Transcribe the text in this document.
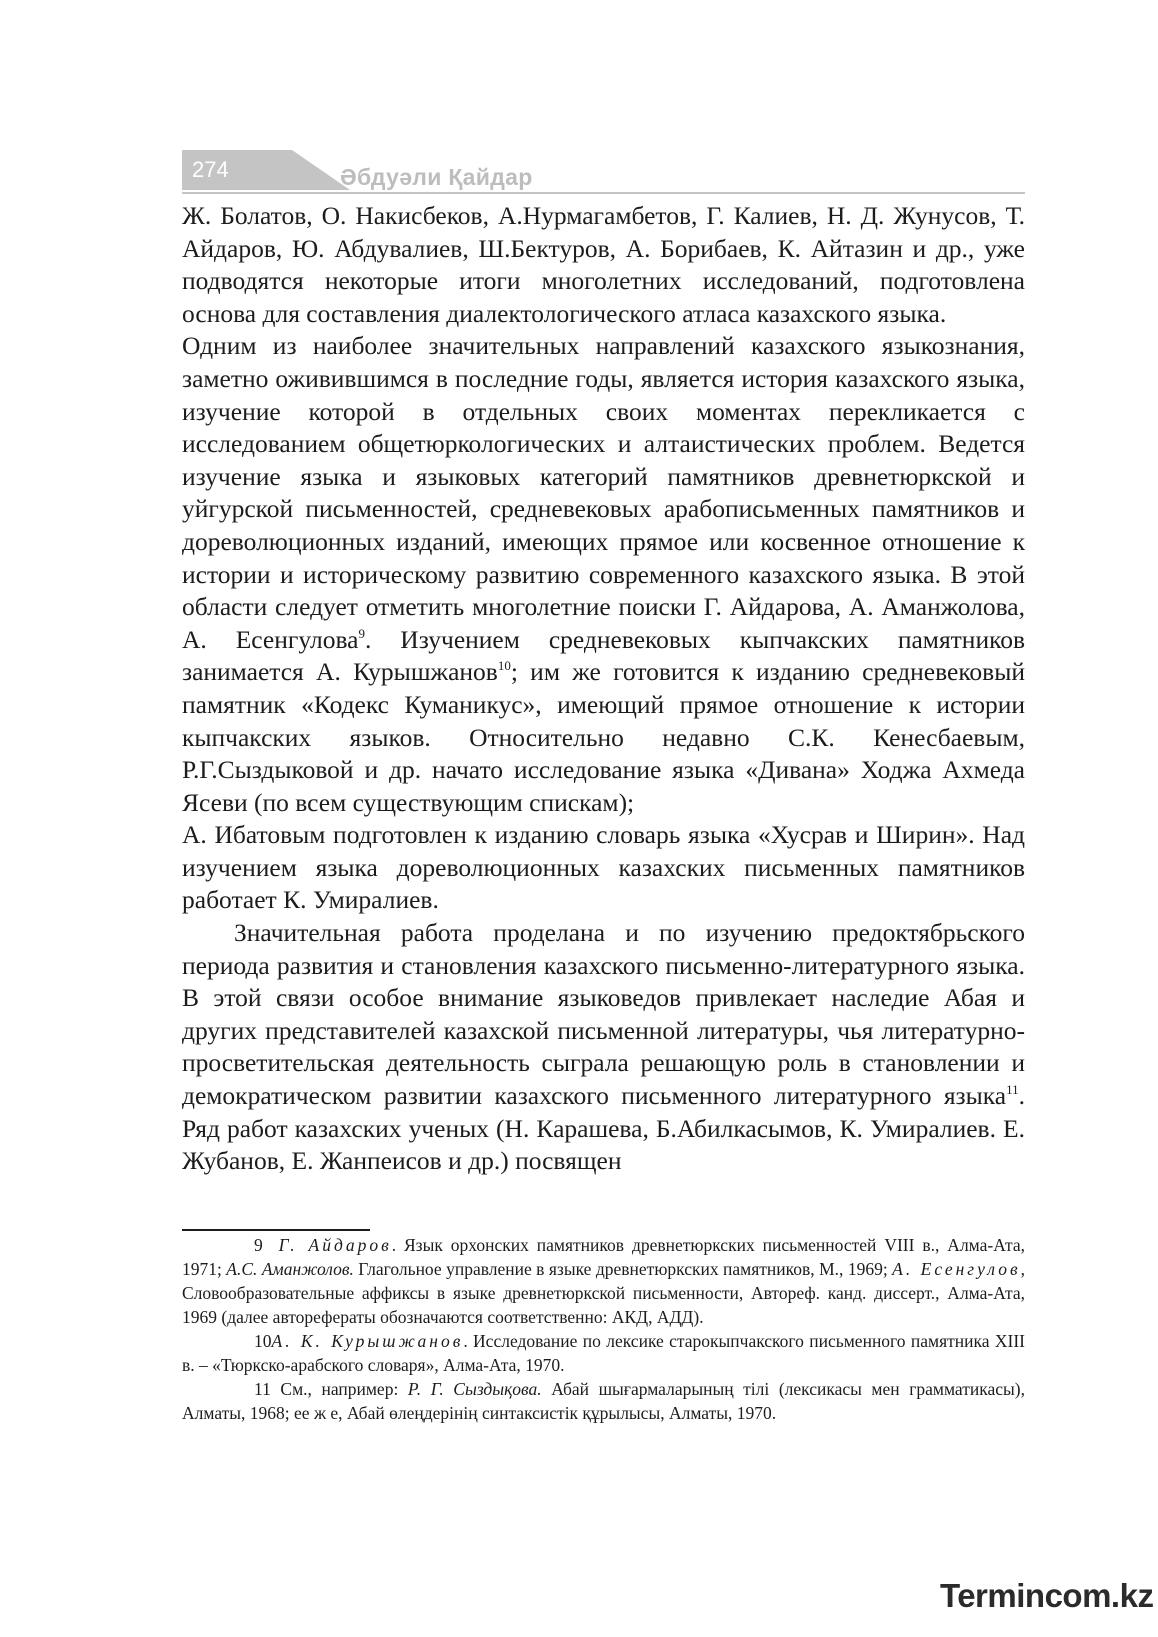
274	Әбдуәли Қайдар

Ж. Болатов, О. Накисбеков, А.Нурмагамбетов, Г. Калиев, Н. Д. Жунусов, Т. Айдаров, Ю. Абдувалиев, Ш.Бектуров, А. Борибаев, К. Айтазин и др., уже подводятся некоторые итоги многолетних исследований, подготовлена основа для составления диалектологического атласа казахского языка.

Одним из наиболее значительных направлений казахского языкознания, заметно оживившимся в последние годы, является история казахского языка, изучение которой в отдельных своих моментах перекликается с исследованием общетюркологических и алтаистических проблем. Ведется изучение языка и языковых категорий памятников древнетюркской и уйгурской письменностей, средневековых арабописьменных памятников и дореволюционных изданий, имеющих прямое или косвенное отношение к истории и историческому развитию современного казахского языка. В этой области следует отметить многолетние поиски Г. Айдарова, А. Аманжолова, А. Есенгулова$^9$. Изучением средневековых кыпчакских памятников занимается А. Курышжанов$^{10}$; им же готовится к изданию средневековый памятник «Кодекс Куманикус», имеющий прямое отношение к истории кыпчакских языков. Относительно недавно С.К. Кенесбаевым, Р.Г.Сыздыковой и др. начато исследование языка «Дивана» Ходжа Ахмеда Ясеви (по всем существующим спискам);

А. Ибатовым подготовлен к изданию словарь языка «Хусрав и Ширин». Над изучением языка дореволюционных казахских письменных памятников работает К. Умиралиев.

Значительная работа проделана и по изучению предоктябрьского периода развития и становления казахского письменно-литературного языка. В этой связи особое внимание языковедов привлекает наследие Абая и других представителей казахской письменной литературы, чья литературно-просветительская деятельность сыграла решающую роль в становлении и демократическом развитии казахского письменного литературного языка$^{11}$. Ряд работ казахских ученых (Н. Карашева, Б.Абилкасымов, К. Умиралиев. Е. Жубанов, Е. Жанпеисов и др.) посвящен

9 Г. Айдаров. Язык орхонских памятников древнетюркских письменностей VIII в., Алма-Ата, 1971; А.С. Аманжолов. Глагольное управление в языке древнетюркских памятников, М., 1969; А. Есенгулов, Словообразовательные аффиксы в языке древнетюркской письменности, Автореф. канд. диссерт., Алма-Ата, 1969 (далее авторефераты обозначаются соответственно: АКД, АДД).

10А. К. Курышжанов. Исследование по лексике старокыпчакского письменного памятника XIII в. – «Тюркско-арабского словаря», Алма-Ата, 1970.

11 См., например: Р. Г. Сыздықова. Абай шығармаларының тілі (лексикасы мен грамматикасы), Алматы, 1968; ее ж е, Абай өлеңдерінің синтаксистік құрылысы, Алматы, 1970.

Termincom.kz
